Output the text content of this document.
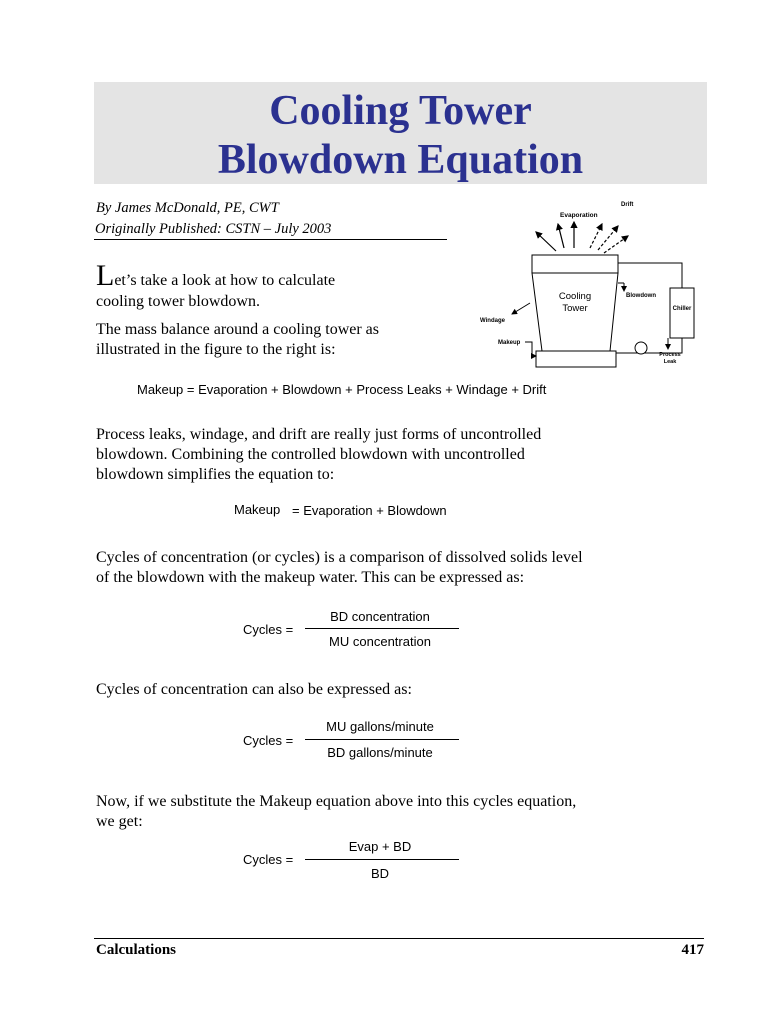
Cooling Tower
Blowdown Equation
By James McDonald, PE, CWT
Originally Published: CSTN – July 2003
Let’s take a look at how to calculate
cooling tower blowdown.
The mass balance around a cooling tower as
illustrated in the figure to the right is:
Drift
Evaporation
Cooling
Tower
Windage
Makeup
Chiller
Blowdown
Process
Leak
Makeup = Evaporation + Blowdown + Process Leaks + Windage + Drift
Process leaks, windage, and drift are really just forms of uncontrolled
blowdown. Combining the controlled blowdown with uncontrolled
blowdown simplifies the equation to:
Makeup = Evaporation + Blowdown
Cycles of concentration (or cycles) is a comparison of dissolved solids level
of the blowdown with the makeup water. This can be expressed as:
Cycles =
BD concentration
MU concentration
Cycles of concentration can also be expressed as:
Cycles =
MU gallons/minute
BD gallons/minute
Now, if we substitute the Makeup equation above into this cycles equation,
we get:
Cycles =
Evap + BD
BD
Calculations	417
